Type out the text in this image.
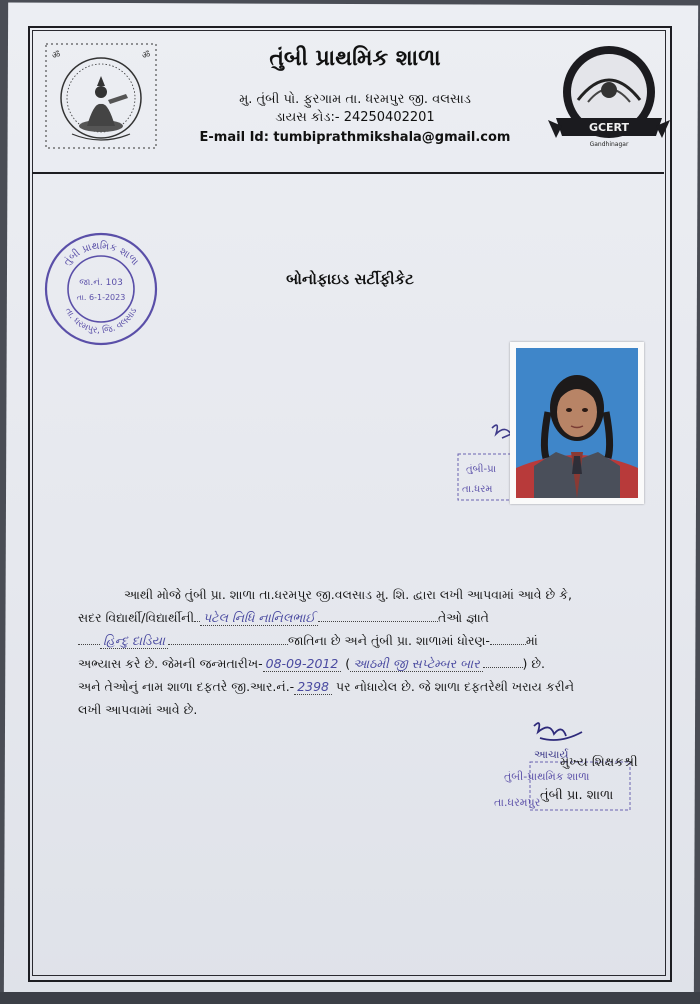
ॐ	ॐ	તુંબી પ્રાથમિક શાળા
મુ. તુંબી પો. ફુરગામ તા. ધરમપુર જી. વલસાડ
ડાયસ કોડ:- 24250402201
E-mail Id: tumbiprathmikshala@gmail.com
GCERT
Gandhinagar
તુંબી પ્રાથમિક શાળા
તા. ધરમપુર, જિ. વલસાડ
જા.નં. 103
તા. 6-1-2023
બોનોફાઇડ સર્ટીફીકેટ
તુંબી-પ્રા
તા.ધરમ
આથી મોજે તુંબી પ્રા. શાળા તા.ધરમપુર જી.વલસાડ મુ. શિ. દ્વારા લખી આપવામાં આવે છે કે,
સદર વિદ્યાર્થી/વિદ્યાર્થીની પટેલ નિધિ નાનિલભાઈ	તેઓ જ્ઞાતે
હિન્દુ દાડિયા	જાતિના છે અને તુંબી પ્રા. શાળામાં ધોરણ-	માં
અભ્યાસ કરે છે. જેમની જન્મતારીખ- 08-09-2012 ( આઠમી જી સપ્ટેમ્બર બાર	) છે.
અને તેઓનું નામ શાળા દફતરે જી.આર.નં.- 2398 પર નોધાયેલ છે. જે શાળા દફતરેથી ખરાય કરીને
લખી આપવામાં આવે છે.
આચાર્ય
તુંબી-પ્રાથમિક શાળા
તા.ધરમપુર
મુખ્ય શિક્ષકશ્રી
તુંબી પ્રા. શાળા
